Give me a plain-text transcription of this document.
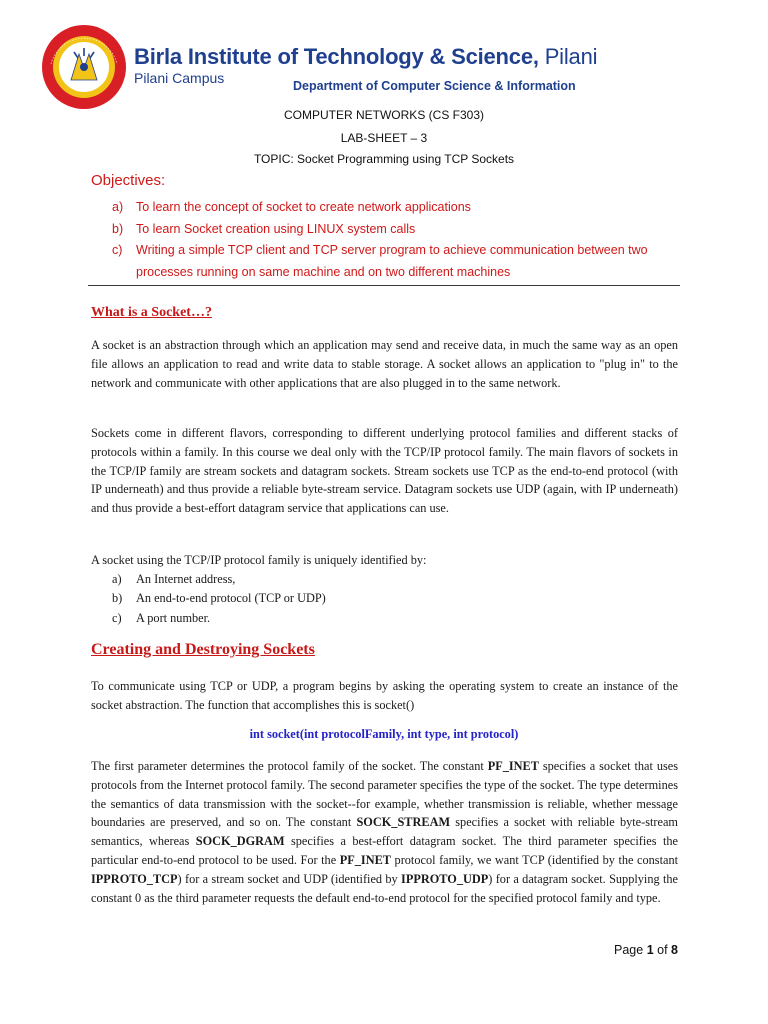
Birla Institute of Technology & Science, Pilani
Pilani Campus	Department of Computer Science & Information
COMPUTER NETWORKS (CS F303)
LAB-SHEET – 3
TOPIC: Socket Programming using TCP Sockets
Objectives:
a) To learn the concept of socket to create network applications
b) To learn Socket creation using LINUX system calls
c) Writing a simple TCP client and TCP server program to achieve communication between two processes running on same machine and on two different machines
What is a Socket…?
A socket is an abstraction through which an application may send and receive data, in much the same way as an open file allows an application to read and write data to stable storage. A socket allows an application to "plug in" to the network and communicate with other applications that are also plugged in to the same network.
Sockets come in different flavors, corresponding to different underlying protocol families and different stacks of protocols within a family. In this course we deal only with the TCP/IP protocol family. The main flavors of sockets in the TCP/IP family are stream sockets and datagram sockets. Stream sockets use TCP as the end-to-end protocol (with IP underneath) and thus provide a reliable byte-stream service. Datagram sockets use UDP (again, with IP underneath) and thus provide a best-effort datagram service that applications can use.
A socket using the TCP/IP protocol family is uniquely identified by:
a) An Internet address,
b) An end-to-end protocol (TCP or UDP)
c) A port number.
Creating and Destroying Sockets
To communicate using TCP or UDP, a program begins by asking the operating system to create an instance of the socket abstraction. The function that accomplishes this is socket()
int socket(int protocolFamily, int type, int protocol)
The first parameter determines the protocol family of the socket. The constant PF_INET specifies a socket that uses protocols from the Internet protocol family. The second parameter specifies the type of the socket. The type determines the semantics of data transmission with the socket--for example, whether transmission is reliable, whether message boundaries are preserved, and so on. The constant SOCK_STREAM specifies a socket with reliable byte-stream semantics, whereas SOCK_DGRAM specifies a best-effort datagram socket. The third parameter specifies the particular end-to-end protocol to be used. For the PF_INET protocol family, we want TCP (identified by the constant IPPROTO_TCP) for a stream socket and UDP (identified by IPPROTO_UDP) for a datagram socket. Supplying the constant 0 as the third parameter requests the default end-to-end protocol for the specified protocol family and type.
Page 1 of 8
